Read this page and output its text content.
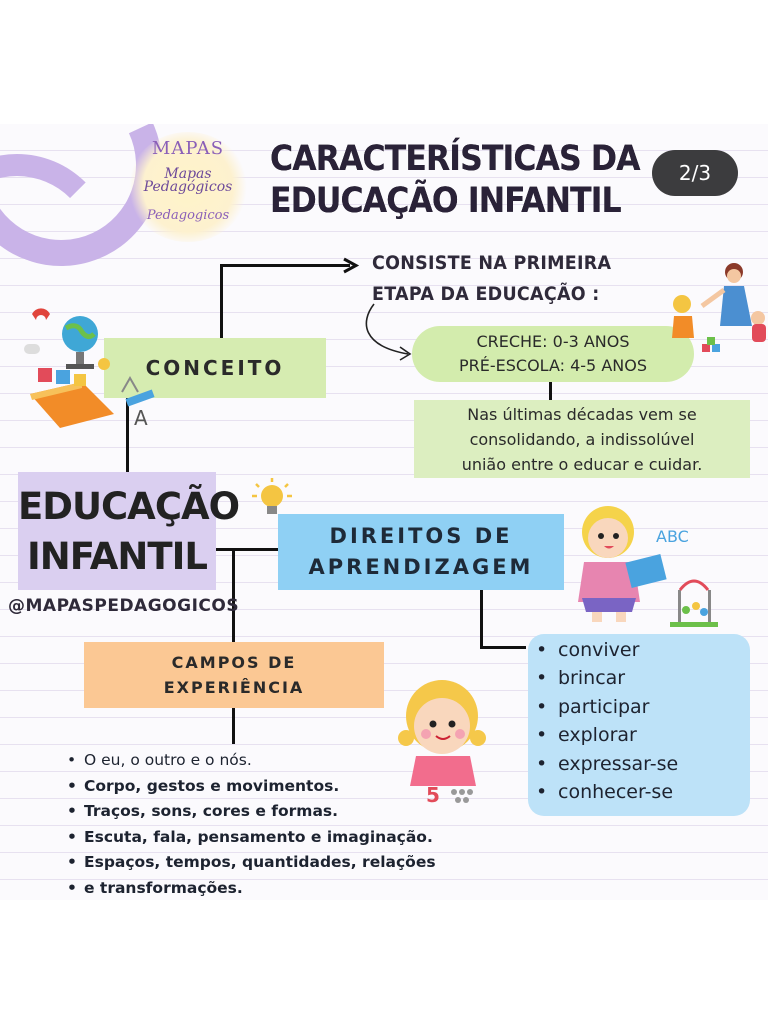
MAPAS
Mapas
Pedagógicos
Pedagogicos
CARACTERÍSTICAS DA
EDUCAÇÃO INFANTIL
CONSISTE NA PRIMEIRA
ETAPA DA EDUCAÇÃO :
CRECHE: 0-3 ANOS
PRÉ-ESCOLA: 4-5 ANOS
CONCEITO
Nas últimas décadas vem se
consolidando, a indissolúvel
união entre o educar e cuidar.
EDUCAÇÃO
INFANTIL
@MAPASPEDAGOGICOS
DIREITOS DE
APRENDIZAGEM
CAMPOS DE
EXPERIÊNCIA
• conviver
• brincar
• participar
• explorar
• expressar-se
• conhecer-se
• O eu, o outro e o nós.
• Corpo, gestos e movimentos.
• Traços, sons, cores e formas.
• Escuta, fala, pensamento e imaginação.
• Espaços, tempos, quantidades, relações
• e transformações.
A
ABC
5
2/3
